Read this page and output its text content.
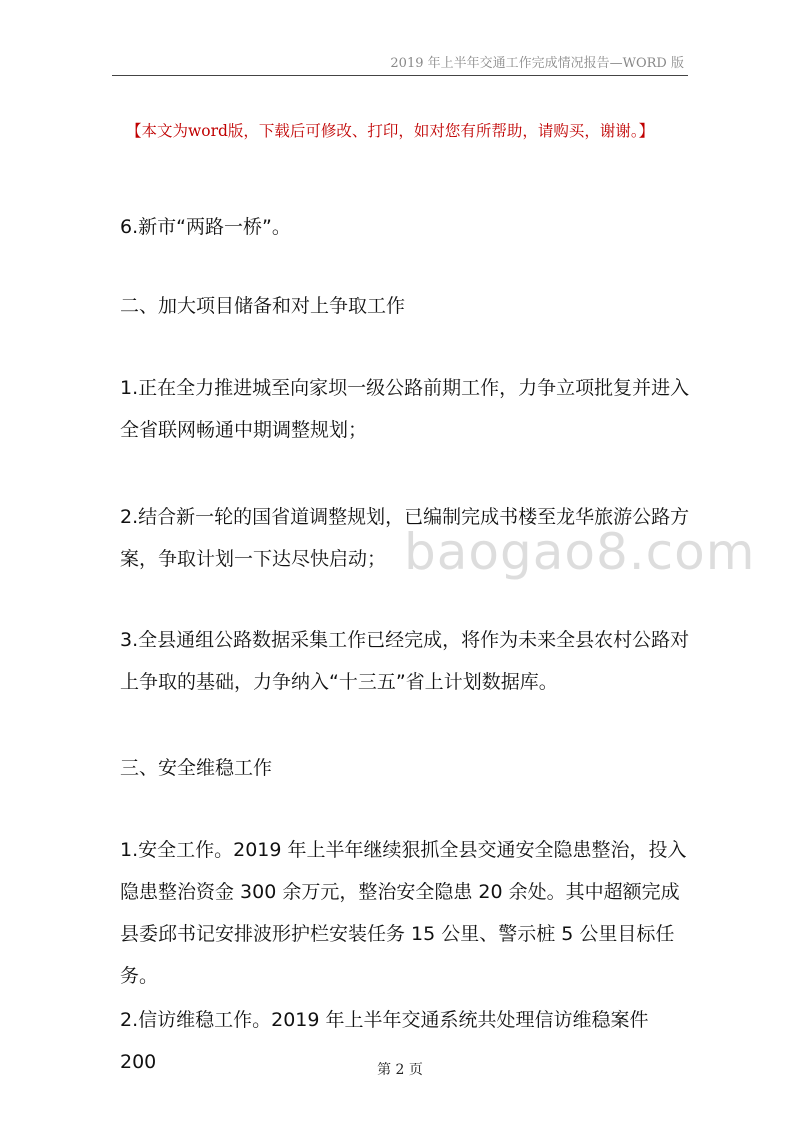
2019 年上半年交通工作完成情况报告—WORD 版
【本文为word版，下载后可修改、打印，如对您有所帮助，请购买，谢谢。】

6.新市“两路一桥”。

二、加大项目储备和对上争取工作

1.正在全力推进城至向家坝一级公路前期工作，力争立项批复并进入全省联网畅通中期调整规划；

2.结合新一轮的国省道调整规划，已编制完成书楼至龙华旅游公路方案，争取计划一下达尽快启动；

3.全县通组公路数据采集工作已经完成，将作为未来全县农村公路对上争取的基础，力争纳入“十三五”省上计划数据库。

三、安全维稳工作

1.安全工作。2019 年上半年继续狠抓全县交通安全隐患整治，投入隐患整治资金 300 余万元，整治安全隐患 20 余处。其中超额完成县委邱书记安排波形护栏安装任务 15 公里、警示桩 5 公里目标任务。

2.信访维稳工作。2019 年上半年交通系统共处理信访维稳案件 200

baogao8.com
第 2 页
